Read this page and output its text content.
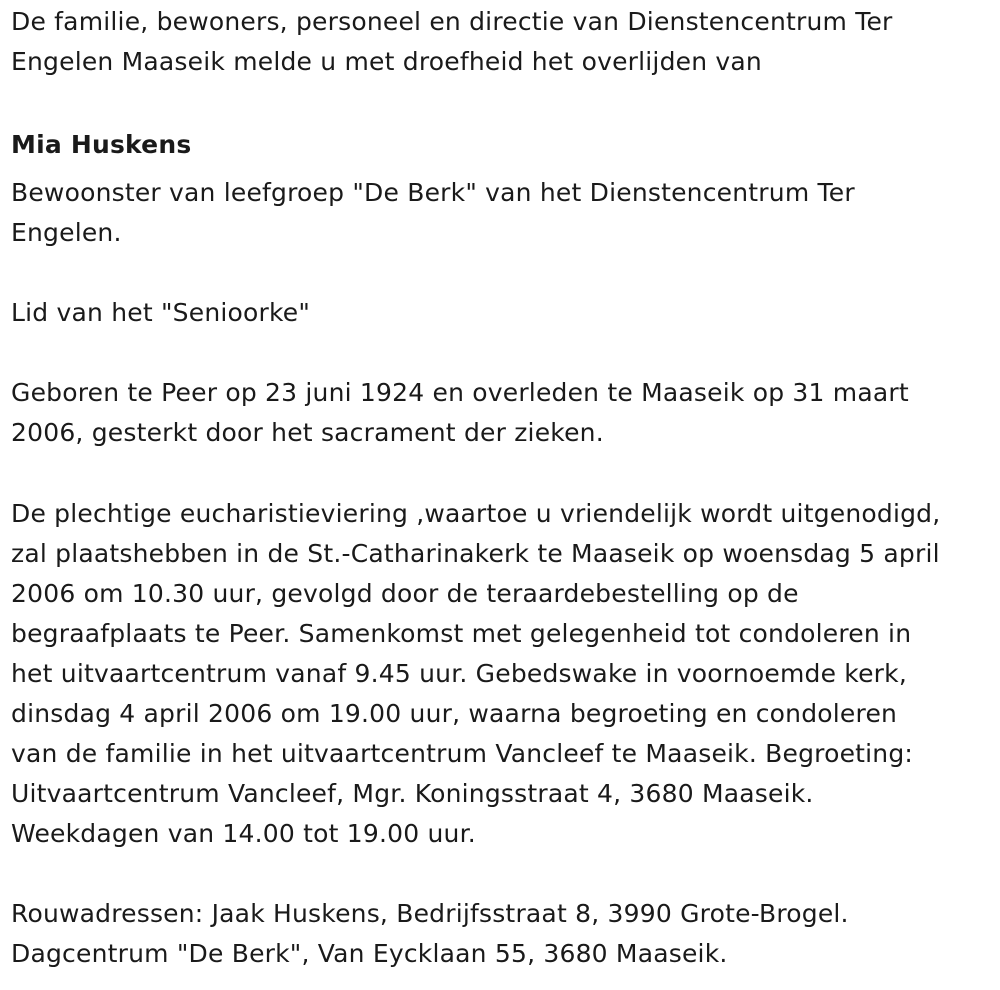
De familie, bewoners, personeel en directie van Dienstencentrum Ter
Engelen Maaseik melde u met droefheid het overlijden van
Mia Huskens
Bewoonster van leefgroep "De Berk" van het Dienstencentrum Ter
Engelen.
Lid van het "Senioorke"
Geboren te Peer op 23 juni 1924 en overleden te Maaseik op 31 maart
2006, gesterkt door het sacrament der zieken.
De plechtige eucharistieviering ,waartoe u vriendelijk wordt uitgenodigd,
zal plaatshebben in de St.-Catharinakerk te Maaseik op woensdag 5 april
2006 om 10.30 uur, gevolgd door de teraardebestelling op de
begraafplaats te Peer. Samenkomst met gelegenheid tot condoleren in
het uitvaartcentrum vanaf 9.45 uur. Gebedswake in voornoemde kerk,
dinsdag 4 april 2006 om 19.00 uur, waarna begroeting en condoleren
van de familie in het uitvaartcentrum Vancleef te Maaseik. Begroeting:
Uitvaartcentrum Vancleef, Mgr. Koningsstraat 4, 3680 Maaseik.
Weekdagen van 14.00 tot 19.00 uur.
Rouwadressen: Jaak Huskens, Bedrijfsstraat 8, 3990 Grote-Brogel.
Dagcentrum "De Berk", Van Eycklaan 55, 3680 Maaseik.
